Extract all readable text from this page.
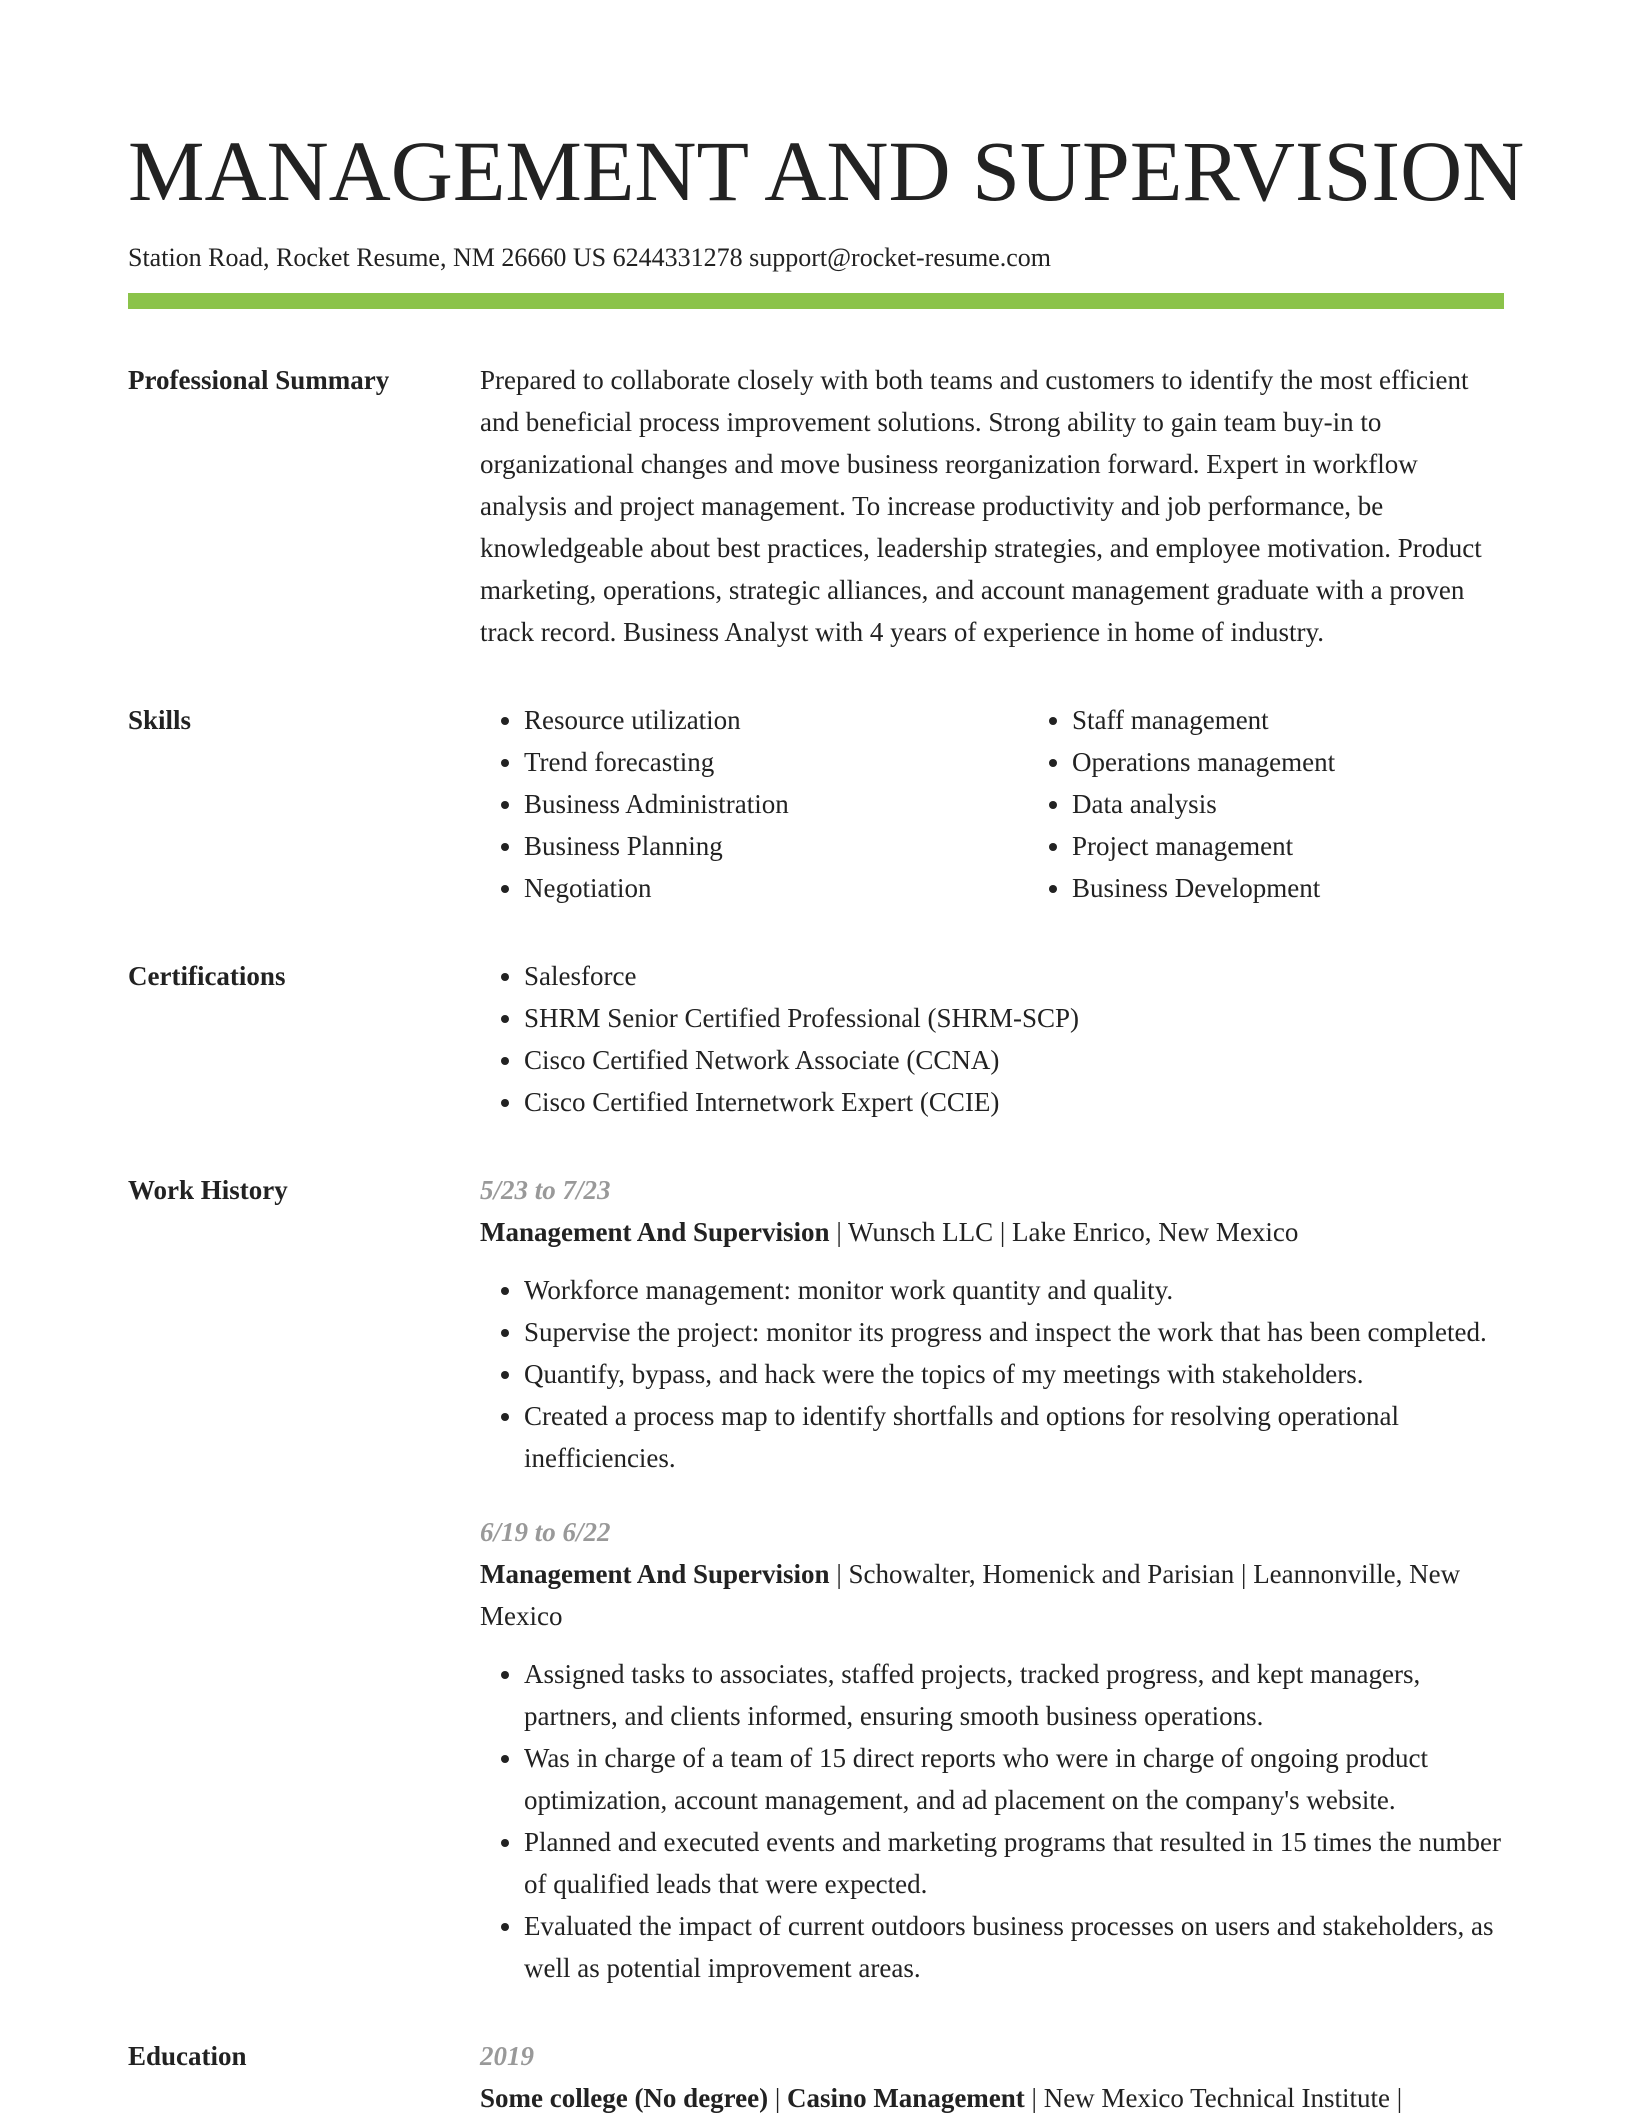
MANAGEMENT AND SUPERVISION
Station Road, Rocket Resume, NM 26660 US 6244331278 support@rocket-resume.com
Professional Summary	Prepared to collaborate closely with both teams and customers to identify the most efficient and beneficial process improvement solutions. Strong ability to gain team buy-in to organizational changes and move business reorganization forward. Expert in workflow analysis and project management. To increase productivity and job performance, be knowledgeable about best practices, leadership strategies, and employee motivation. Product marketing, operations, strategic alliances, and account management graduate with a proven track record. Business Analyst with 4 years of experience in home of industry.

Skills	• Resource utilization
• Trend forecasting
• Business Administration
• Business Planning
• Negotiation
• Staff management
• Operations management
• Data analysis
• Project management
• Business Development
Certifications	• Salesforce
• SHRM Senior Certified Professional (SHRM-SCP)
• Cisco Certified Network Associate (CCNA)
• Cisco Certified Internetwork Expert (CCIE)
Work History	5/23 to 7/23
Management And Supervision | Wunsch LLC | Lake Enrico, New Mexico
• Workforce management: monitor work quantity and quality.
• Supervise the project: monitor its progress and inspect the work that has been completed.
• Quantify, bypass, and hack were the topics of my meetings with stakeholders.
• Created a process map to identify shortfalls and options for resolving operational inefficiencies.
6/19 to 6/22
Management And Supervision | Schowalter, Homenick and Parisian | Leannonville, New Mexico
• Assigned tasks to associates, staffed projects, tracked progress, and kept managers, partners, and clients informed, ensuring smooth business operations.
• Was in charge of a team of 15 direct reports who were in charge of ongoing product optimization, account management, and ad placement on the company's website.
• Planned and executed events and marketing programs that resulted in 15 times the number of qualified leads that were expected.
• Evaluated the impact of current outdoors business processes on users and stakeholders, as well as potential improvement areas.
Education	2019
Some college (No degree) | Casino Management | New Mexico Technical Institute |
